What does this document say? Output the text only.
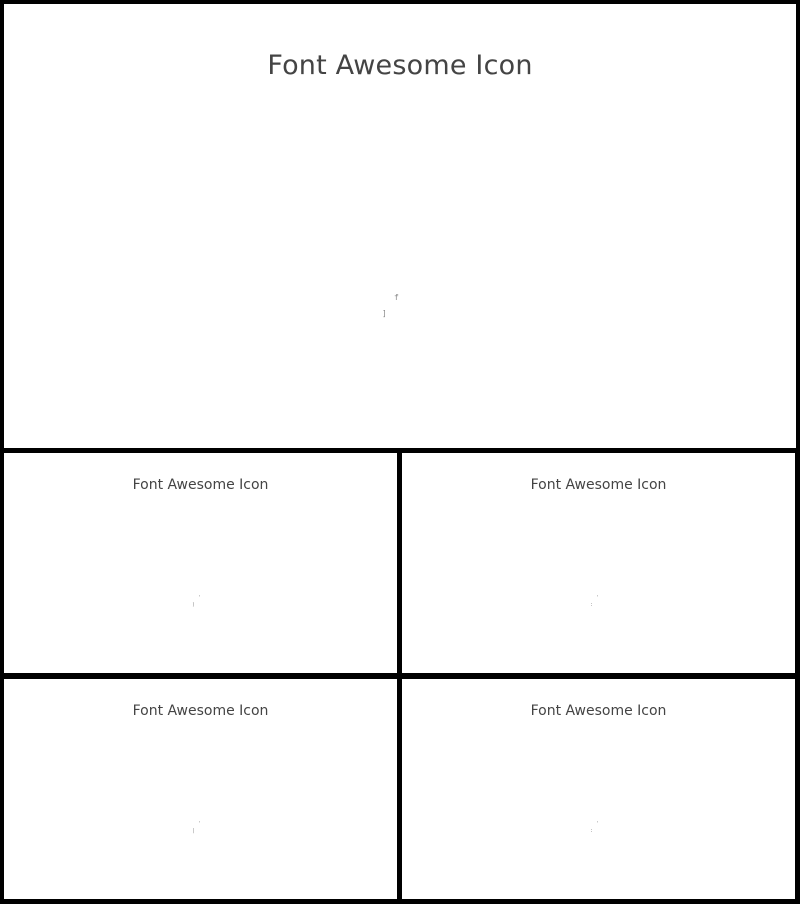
Font Awesome Icon
f
]
Font Awesome Icon
'
)
Font Awesome Icon
'
:
Font Awesome Icon
'
|
Font Awesome Icon
'
:
